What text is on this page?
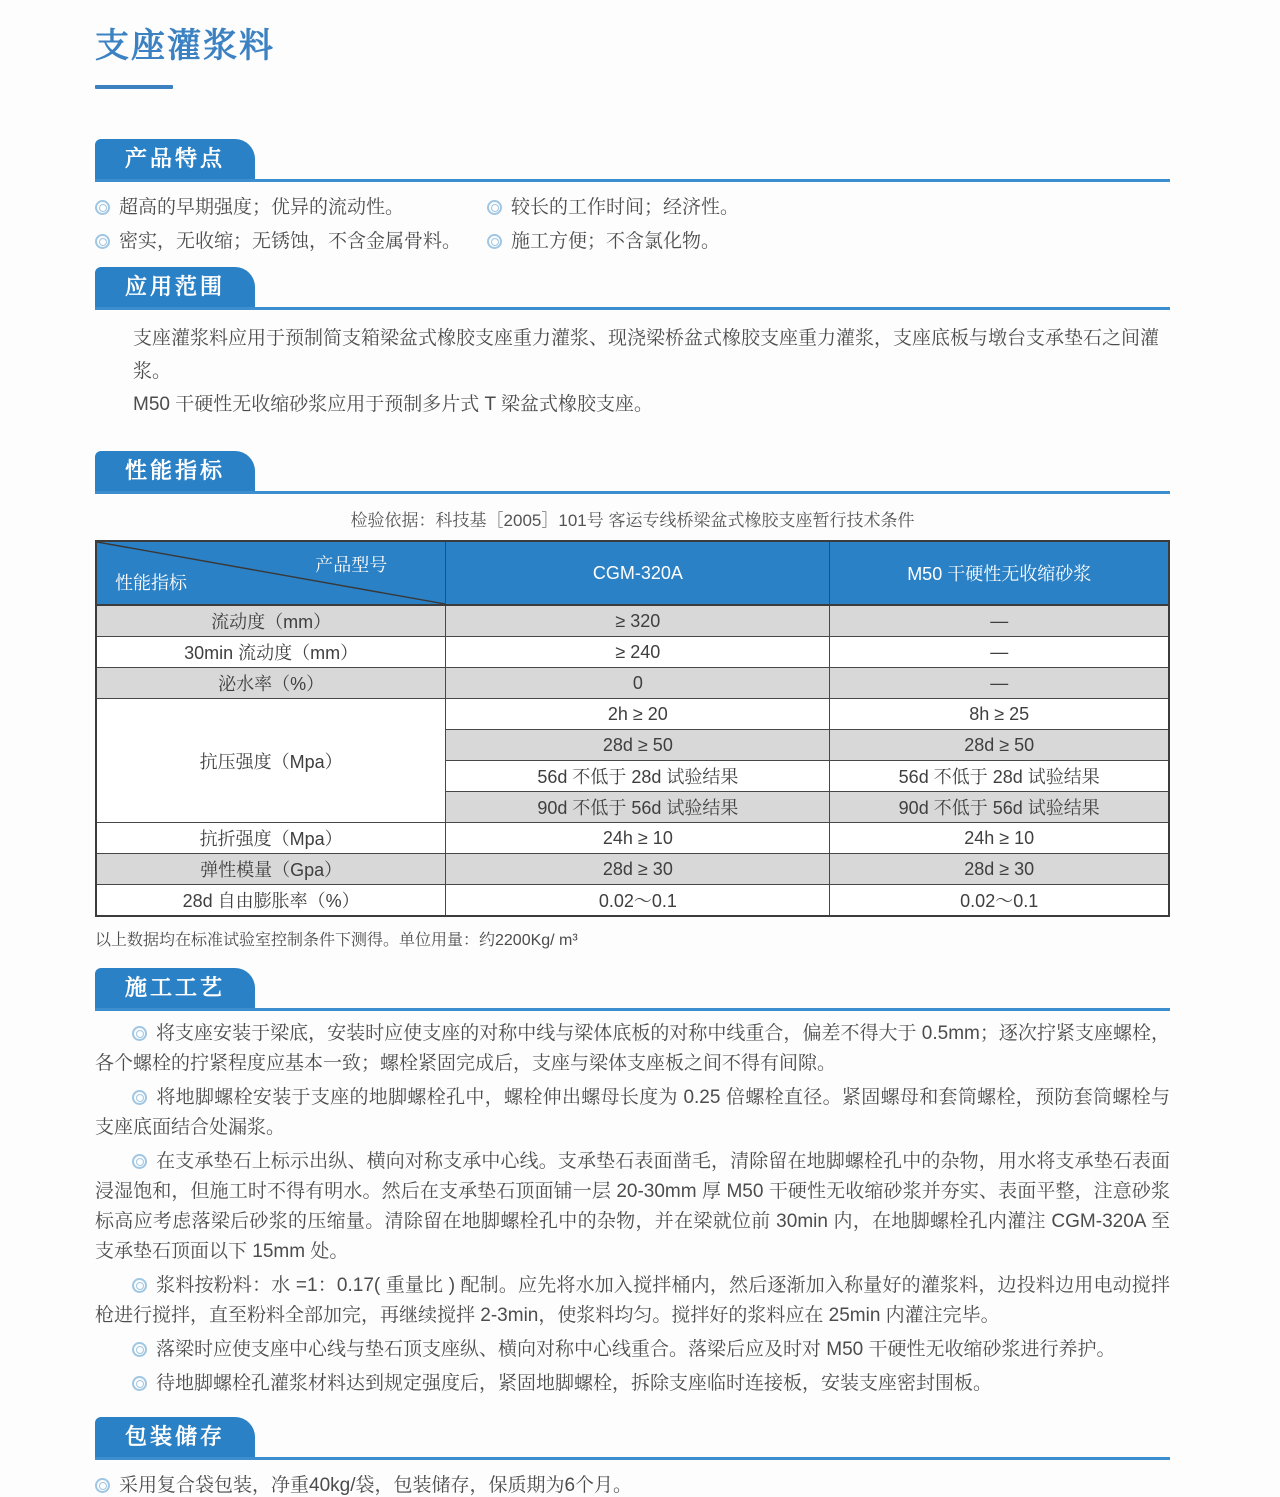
支座灌浆料
产品特点
超高的早期强度；优异的流动性。	较长的工作时间；经济性。
密实，无收缩；无锈蚀，不含金属骨料。	施工方便；不含氯化物。
应用范围
支座灌浆料应用于预制简支箱梁盆式橡胶支座重力灌浆、现浇梁桥盆式橡胶支座重力灌浆，支座底板与墩台支承垫石之间灌浆。
M50 干硬性无收缩砂浆应用于预制多片式 T 梁盆式橡胶支座。
性能指标
检验依据：科技基［2005］101号 客运专线桥梁盆式橡胶支座暂行技术条件
产品型号
性能指标	CGM-320A	M50 干硬性无收缩砂浆
流动度（mm）	≥ 320	—
30min 流动度（mm）	≥ 240	—
泌水率（%）	0	—
抗压强度（Mpa）	2h ≥ 20	8h ≥ 25
	28d ≥ 50	28d ≥ 50
	56d 不低于 28d 试验结果	56d 不低于 28d 试验结果
	90d 不低于 56d 试验结果	90d 不低于 56d 试验结果
抗折强度（Mpa）	24h ≥ 10	24h ≥ 10
弹性模量（Gpa）	28d ≥ 30	28d ≥ 30
28d 自由膨胀率（%）	0.02～0.1	0.02～0.1
以上数据均在标准试验室控制条件下测得。单位用量：约2200Kg/ m³
施工工艺

将支座安装于梁底，安装时应使支座的对称中线与梁体底板的对称中线重合，偏差不得大于 0.5mm；逐次拧紧支座螺栓，各个螺栓的拧紧程度应基本一致；螺栓紧固完成后，支座与梁体支座板之间不得有间隙。

将地脚螺栓安装于支座的地脚螺栓孔中，螺栓伸出螺母长度为 0.25 倍螺栓直径。紧固螺母和套筒螺栓，预防套筒螺栓与支座底面结合处漏浆。

在支承垫石上标示出纵、横向对称支承中心线。支承垫石表面凿毛，清除留在地脚螺栓孔中的杂物，用水将支承垫石表面浸湿饱和，但施工时不得有明水。然后在支承垫石顶面铺一层 20-30mm 厚 M50 干硬性无收缩砂浆并夯实、表面平整，注意砂浆标高应考虑落梁后砂浆的压缩量。清除留在地脚螺栓孔中的杂物，并在梁就位前 30min 内，在地脚螺栓孔内灌注 CGM-320A 至支承垫石顶面以下 15mm 处。

浆料按粉料：水 =1：0.17( 重量比 ) 配制。应先将水加入搅拌桶内，然后逐渐加入称量好的灌浆料，边投料边用电动搅拌枪进行搅拌，直至粉料全部加完，再继续搅拌 2-3min，使浆料均匀。搅拌好的浆料应在 25min 内灌注完毕。

落梁时应使支座中心线与垫石顶支座纵、横向对称中心线重合。落梁后应及时对 M50 干硬性无收缩砂浆进行养护。

待地脚螺栓孔灌浆材料达到规定强度后，紧固地脚螺栓，拆除支座临时连接板，安装支座密封围板。

包装储存
采用复合袋包装，净重40kg/袋，包装储存，保质期为6个月。
